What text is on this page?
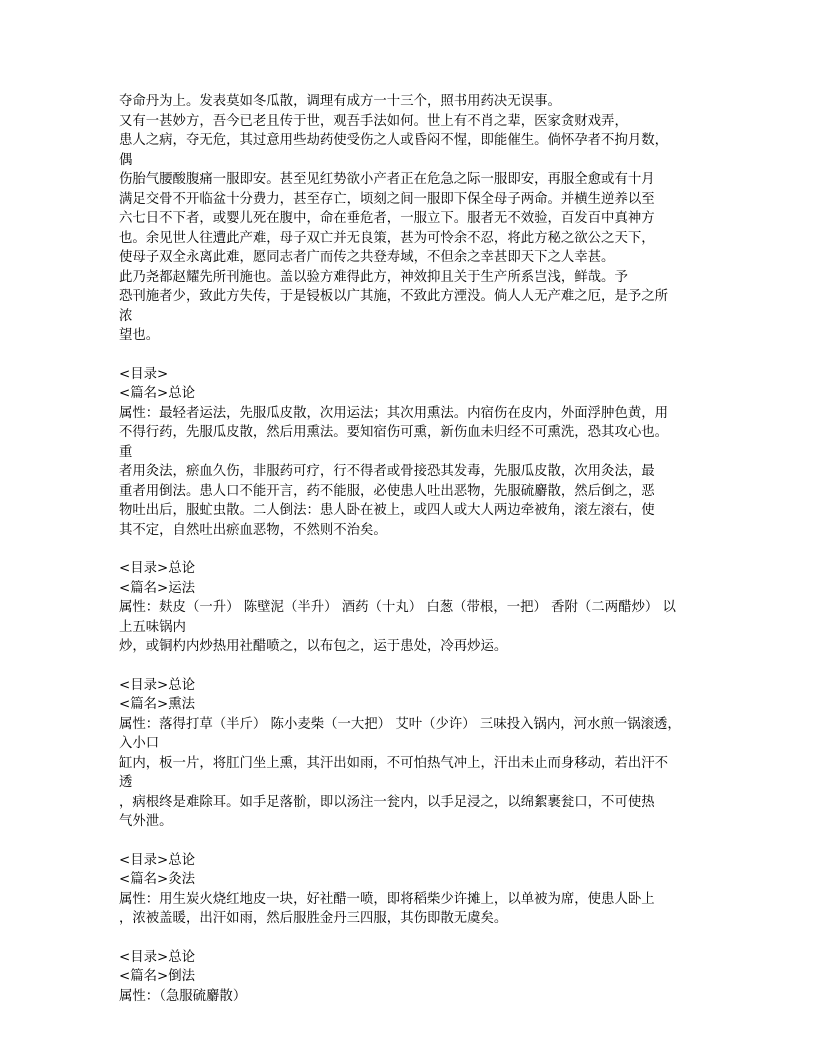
夺命丹为上。发表莫如冬瓜散，调理有成方一十三个，照书用药决无误事。
又有一甚妙方，吾今已老且传于世，观吾手法如何。世上有不肖之辈，医家贪财戏弄，
患人之病，夺无危，其过意用些劫药使受伤之人或昏闷不惺，即能催生。倘怀孕者不拘月数，
偶
伤胎气腰酸腹痛一服即安。甚至见红势欲小产者正在危急之际一服即安，再服全愈或有十月
满足交骨不开临盆十分费力，甚至存亡，顷刻之间一服即下保全母子两命。并横生逆养以至
六七日不下者，或婴儿死在腹中，命在垂危者，一服立下。服者无不效验，百发百中真神方
也。余见世人往遭此产难，母子双亡并无良策，甚为可怜余不忍，将此方秘之欲公之天下，
使母子双全永离此难，愿同志者广而传之共登寿域，不但余之幸甚即天下之人幸甚。
此乃尧都赵耀先所刊施也。盖以验方难得此方，神效抑且关于生产所系岂浅，鲜哉。予
恐刊施者少，致此方失传，于是锓板以广其施，不致此方湮没。倘人人无产难之厄，是予之所
浓
望也。
<目录>
<篇名>总论
属性：最轻者运法，先服瓜皮散，次用运法；其次用熏法。内宿伤在皮内，外面浮肿色黄，用
不得行药，先服瓜皮散，然后用熏法。要知宿伤可熏，新伤血未归经不可熏洗，恐其攻心也。
重
者用灸法，瘀血久伤，非服药可疗，行不得者或骨接恐其发毒，先服瓜皮散，次用灸法，最
重者用倒法。患人口不能开言，药不能服，必使患人吐出恶物，先服硫麝散，然后倒之，恶
物吐出后，服虻虫散。二人倒法：患人卧在被上，或四人或大人两边牵被角，滚左滚右，使
其不定，自然吐出瘀血恶物，不然则不治矣。
<目录>总论
<篇名>运法
属性：麸皮（一升） 陈壁泥（半升） 酒药（十丸） 白葱（带根，一把） 香附（二两醋炒） 以
上五味锅内
炒，或铜杓内炒热用社醋喷之，以布包之，运于患处，冷再炒运。
<目录>总论
<篇名>熏法
属性：落得打草（半斤） 陈小麦柴（一大把） 艾叶（少许） 三味投入锅内，河水煎一锅滚透，
入小口
缸内，板一片，将肛门坐上熏，其汗出如雨，不可怕热气冲上，汗出未止而身移动，若出汗不
透
，病根终是难除耳。如手足落骱，即以汤注一瓮内，以手足浸之，以绵絮裹瓮口，不可使热
气外泄。
<目录>总论
<篇名>灸法
属性：用生炭火烧红地皮一块，好社醋一喷，即将稻柴少许摊上，以单被为席，使患人卧上
，浓被盖暖，出汗如雨，然后服胜金丹三四服，其伤即散无虞矣。
<目录>总论
<篇名>倒法
属性：（急服硫麝散）
